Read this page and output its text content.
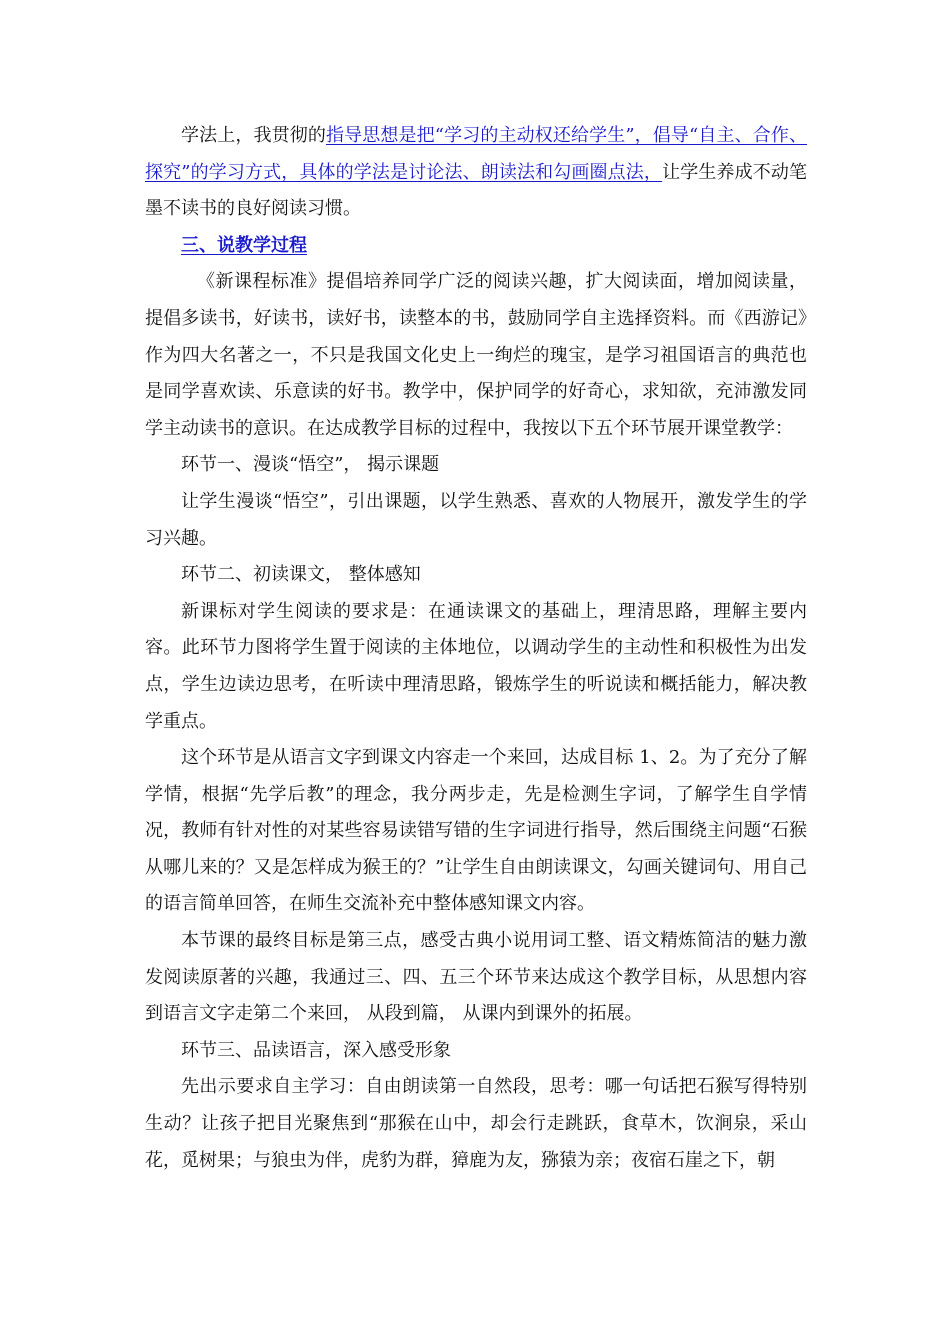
学法上，我贯彻的指导思想是把“学习的主动权还给学生”，倡导“自主、合作、探究”的学习方式，具体的学法是讨论法、朗读法和勾画圈点法，让学生养成不动笔墨不读书的良好阅读习惯。

三、说教学过程

《新课程标准》提倡培养同学广泛的阅读兴趣，扩大阅读面，增加阅读量，提倡多读书，好读书，读好书，读整本的书，鼓励同学自主选择资料。而《西游记》作为四大名著之一，不只是我国文化史上一绚烂的瑰宝，是学习祖国语言的典范也是同学喜欢读、乐意读的好书。教学中，保护同学的好奇心，求知欲，充沛激发同学主动读书的意识。在达成教学目标的过程中，我按以下五个环节展开课堂教学：

环节一、漫谈“悟空”， 揭示课题

让学生漫谈“悟空”，引出课题，以学生熟悉、喜欢的人物展开，激发学生的学习兴趣。

环节二、初读课文， 整体感知

新课标对学生阅读的要求是：在通读课文的基础上，理清思路，理解主要内容。此环节力图将学生置于阅读的主体地位，以调动学生的主动性和积极性为出发点，学生边读边思考，在听读中理清思路，锻炼学生的听说读和概括能力，解决教学重点。

这个环节是从语言文字到课文内容走一个来回，达成目标 1、2。为了充分了解学情，根据“先学后教”的理念，我分两步走，先是检测生字词，了解学生自学情况，教师有针对性的对某些容易读错写错的生字词进行指导，然后围绕主问题“石猴从哪儿来的？又是怎样成为猴王的？”让学生自由朗读课文，勾画关键词句、用自己的语言简单回答，在师生交流补充中整体感知课文内容。

本节课的最终目标是第三点，感受古典小说用词工整、语文精炼简洁的魅力激发阅读原著的兴趣，我通过三、四、五三个环节来达成这个教学目标，从思想内容到语言文字走第二个来回， 从段到篇， 从课内到课外的拓展。

环节三、品读语言，深入感受形象

先出示要求自主学习：自由朗读第一自然段，思考：哪一句话把石猴写得特别生动？让孩子把目光聚焦到“那猴在山中，却会行走跳跃，食草木，饮涧泉，采山花，觅树果；与狼虫为伴，虎豹为群，獐鹿为友，猕猿为亲；夜宿石崖之下，朝
